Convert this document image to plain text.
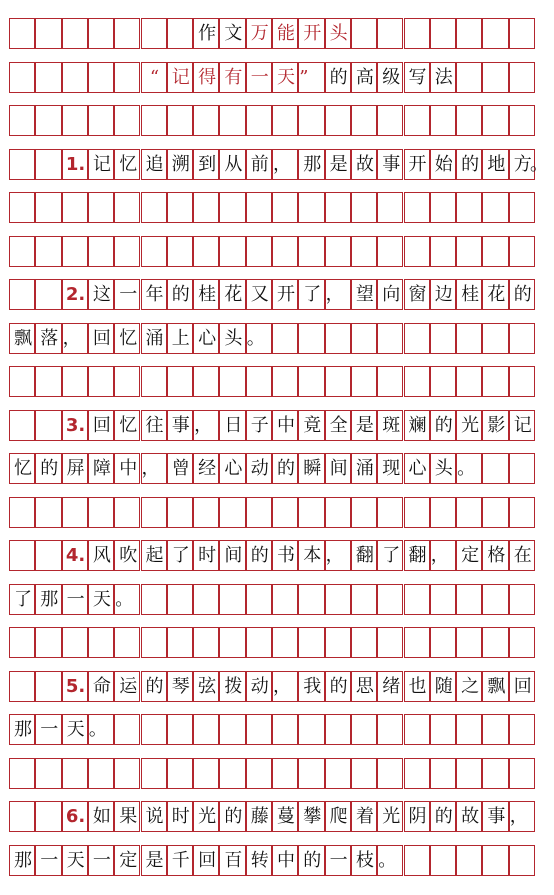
作 文 万 能 开 头
“ 记 得 有 一 天 ”	的 高 级 写 法
1. 记 忆 追 溯 到 从 前 ， 那 是 故 事 开 始 的 地 方
。
2. 这 一 年 的 桂 花 又 开 了 ， 望 向 窗 边 桂 花 的
飘 落 ， 回 忆 涌 上 心 头 。
3. 回 忆 往 事 ， 日 子 中 竟 全 是 斑 斓 的 光 影 记
忆 的 屏 障 中 ， 曾 经 心 动 的 瞬 间 涌 现 心 头 。
4. 风 吹 起 了 时 间 的 书 本 ， 翻 了 翻 ， 定 格 在
了 那 一 天 。
5. 命 运 的 琴 弦 拨 动 ， 我 的 思 绪 也 随 之 飘 回
那 一 天 。
6. 如 果 说 时 光 的 藤 蔓 攀 爬 着 光 阴 的 故 事 ，
那 一 天 一 定 是 千 回 百 转 中 的 一 枝 。
